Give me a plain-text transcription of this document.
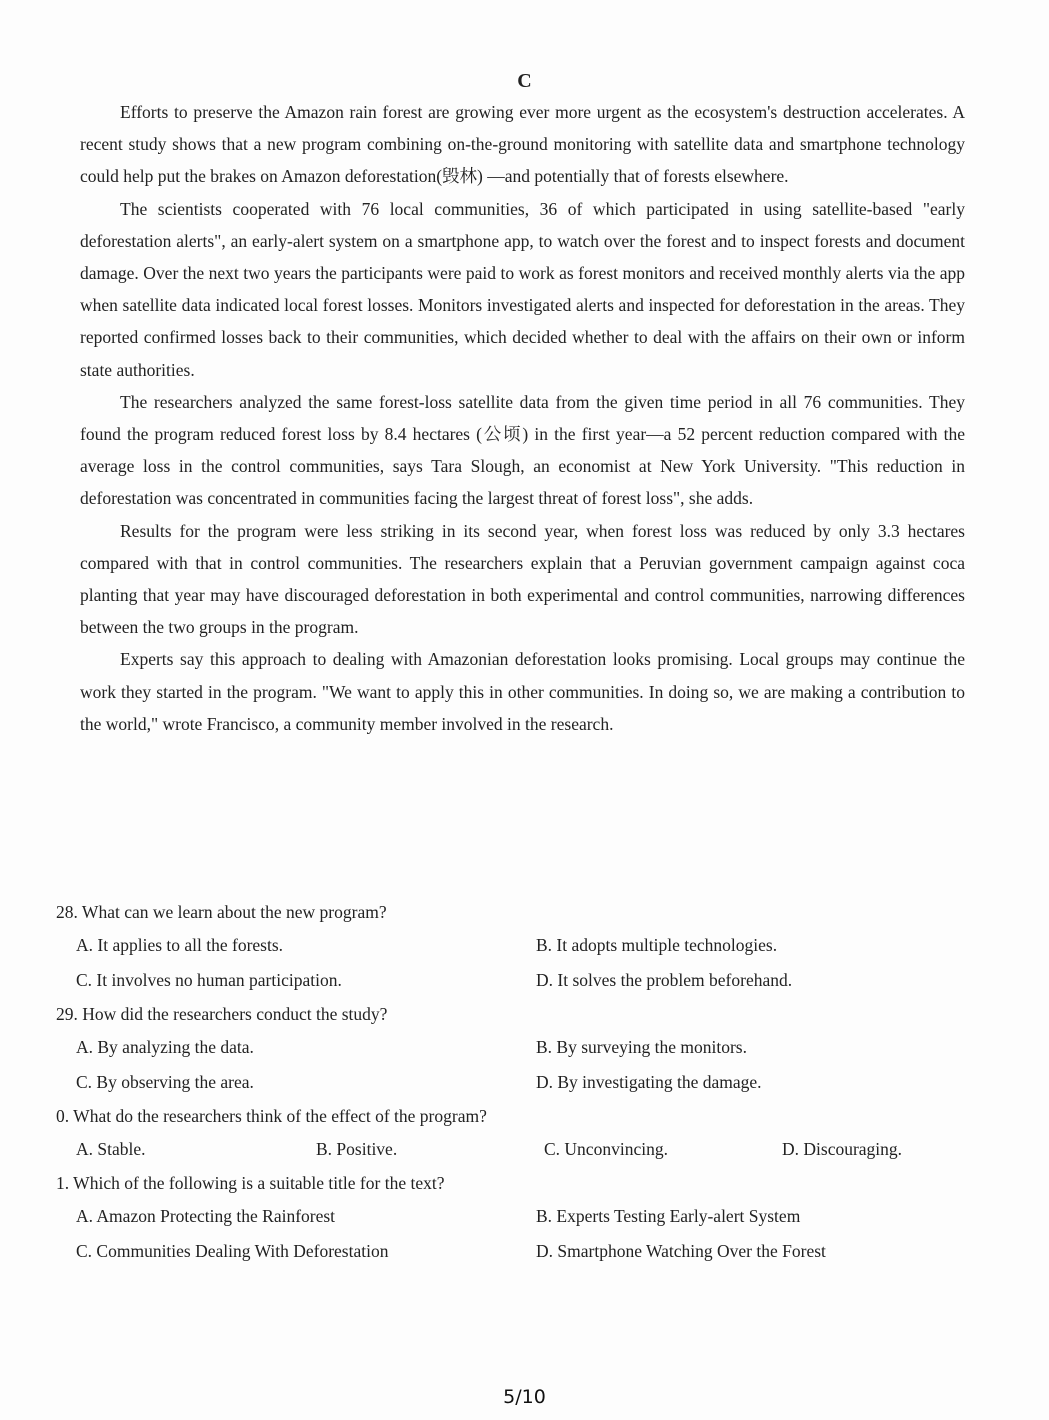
C

Efforts to preserve the Amazon rain forest are growing ever more urgent as the ecosystem's destruction accelerates. A recent study shows that a new program combining on-the-ground monitoring with satellite data and smartphone technology could help put the brakes on Amazon deforestation(毁林) —and potentially that of forests elsewhere.

The scientists cooperated with 76 local communities, 36 of which participated in using satellite-based "early deforestation alerts", an early-alert system on a smartphone app, to watch over the forest and to inspect forests and document damage. Over the next two years the participants were paid to work as forest monitors and received monthly alerts via the app when satellite data indicated local forest losses. Monitors investigated alerts and inspected for deforestation in the areas. They reported confirmed losses back to their communities, which decided whether to deal with the affairs on their own or inform state authorities.

The researchers analyzed the same forest-loss satellite data from the given time period in all 76 communities. They found the program reduced forest loss by 8.4 hectares (公顷) in the first year—a 52 percent reduction compared with the average loss in the control communities, says Tara Slough, an economist at New York University. "This reduction in deforestation was concentrated in communities facing the largest threat of forest loss", she adds.

Results for the program were less striking in its second year, when forest loss was reduced by only 3.3 hectares compared with that in control communities. The researchers explain that a Peruvian government campaign against coca planting that year may have discouraged deforestation in both experimental and control communities, narrowing differences between the two groups in the program.

Experts say this approach to dealing with Amazonian deforestation looks promising. Local groups may continue the work they started in the program. "We want to apply this in other communities. In doing so, we are making a contribution to the world," wrote Francisco, a community member involved in the research.

28. What can we learn about the new program?
A. It applies to all the forests.	B. It adopts multiple technologies.
C. It involves no human participation.	D. It solves the problem beforehand.
29. How did the researchers conduct the study?
A. By analyzing the data.	B. By surveying the monitors.
C. By observing the area.	D. By investigating the damage.
0. What do the researchers think of the effect of the program?
A. Stable.	B. Positive.	C. Unconvincing.	D. Discouraging.
1. Which of the following is a suitable title for the text?
A. Amazon Protecting the Rainforest	B. Experts Testing Early-alert System
C. Communities Dealing With Deforestation	D. Smartphone Watching Over the Forest
5/10
